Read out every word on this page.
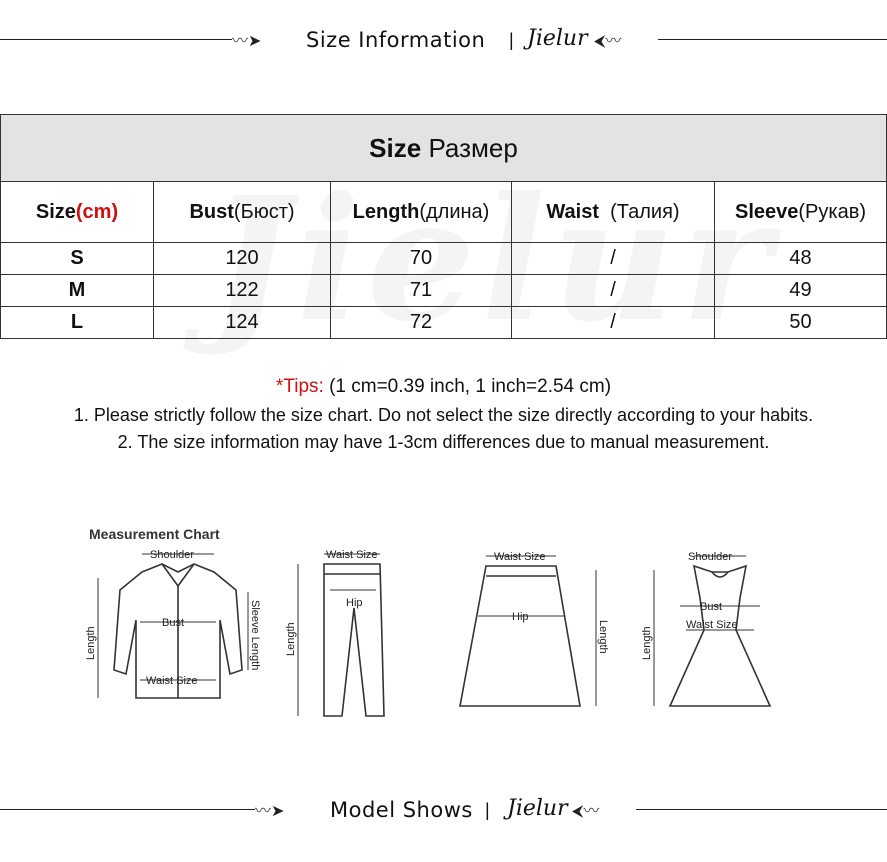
〰➤ Size Information | Jielur ⮜〰
Size Размер				
Size(cm)	Bust(Бюст)	Length(длина)	Waist  (Талия)	Sleeve(Рукав)
S	120	70	/	48
M	122	71	/	49
L	124	72	/	50
*Tips: (1 cm=0.39 inch, 1 inch=2.54 cm)
1. Please strictly follow the size chart. Do not select the size directly according to your habits.
2. The size information may have 1-3cm differences due to manual measurement.
Shoulder
Bust
Waist Size
Length	Sleeve Length
Waist Size
Hip
Length
Waist Size
Hip
Length
Shoulder
Bust
Waist Size
Length
Measurement Chart
〰➤ Model Shows | Jielur ⮜〰
